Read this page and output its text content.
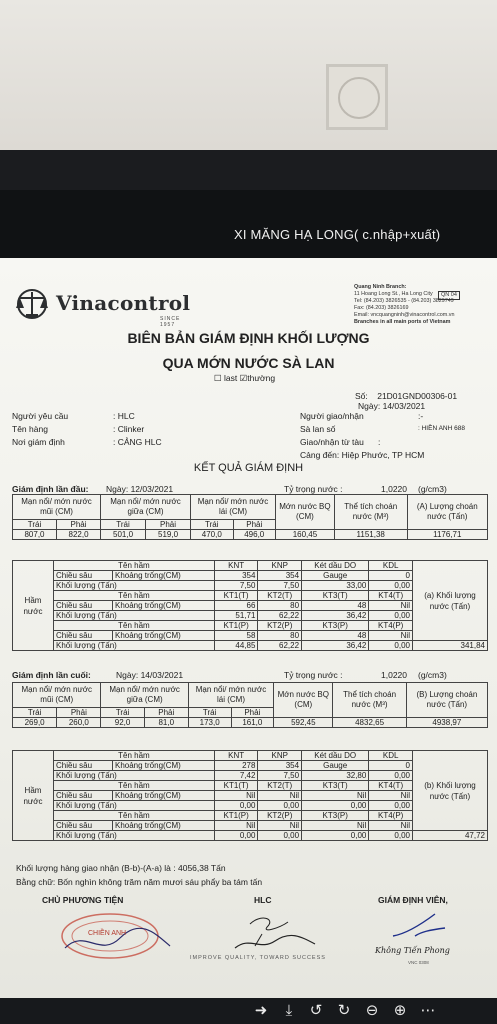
XI MĂNG HẠ LONG( c.nhập+xuất)
Vinacontrol
SINCE 1957
Quang Ninh Branch:
11 Hoang Long St., Ha Long City
Tel: (84.203) 3826535 - (84.203) 3829749
Fax: (84.203) 3826169
Email: vncquangninh@vinacontrol.com.vn
Branches in all main ports of Vietnam
QN 04
BIÊN BẢN GIÁM ĐỊNH KHỐI LƯỢNG
QUA MỚN NƯỚC SÀ LAN
☐ last ☑thường
Số: 21D01GND00306-01
Ngày: 14/03/2021
Người yêu cầu	: HLC
Tên hàng	: Clinker
Nơi giám định	: CẢNG HLC
Người giao/nhận	:-
Sà lan số	: HIỀN ANH 688
Giao/nhận từ tàu :
Cảng đến: Hiệp Phước, TP HCM
KẾT QUẢ GIÁM ĐỊNH
Giám định lần đầu: Ngày: 12/03/2021	Tỷ trọng nước :	1,0220 (g/cm3)
Mạn nổi/ mớn nước mũi (CM)		Mạn nổi/ mớn nước giữa (CM)		Mạn nổi/ mớn nước lái (CM)		Mớn nước BQ (CM)	Thể tích choán nước (M³)	(A) Lượng choán nước (Tấn)
Trái	Phải	Trái	Phải	Trái	Phải			
807,0	822,0	501,0	519,0	470,0	496,0	160,45	1151,38	1176,71
Hầm nước	Tên hầm		KNT	KNP	Két dầu DO	KDL	(a) Khối lượng nước (Tấn)
	Chiều sâu	Khoảng trống(CM)	354	354	Gauge	0	
	Khối lượng (Tấn)		7,50	7,50	33,00	0,00	
	Tên hầm		KT1(T)	KT2(T)	KT3(T)	KT4(T)	
	Chiều sâu	Khoảng trống(CM)	66	80	48	Nil	
	Khối lượng (Tấn)		51,71	62,22	36,42	0,00	
	Tên hầm		KT1(P)	KT2(P)	KT3(P)	KT4(P)	
	Chiều sâu	Khoảng trống(CM)	58	80	48	Nil	
	Khối lượng (Tấn)		44,85	62,22	36,42	0,00	341,84
Giám định lần cuối:	Ngày: 14/03/2021	Tỷ trọng nước :	1,0220 (g/cm3)
Mạn nổi/ mớn nước mũi (CM)		Mạn nổi/ mớn nước giữa (CM)		Mạn nổi/ mớn nước lái (CM)		Mớn nước BQ (CM)	Thể tích choán nước (M³)	(B) Lượng choán nước (Tấn)
Trái	Phải	Trái	Phải	Trái	Phải			
269,0	260,0	92,0	81,0	173,0	161,0	592,45	4832,65	4938,97
Hầm nước	Tên hầm		KNT	KNP	Két dầu DO	KDL	(b) Khối lượng nước (Tấn)
	Chiều sâu	Khoảng trống(CM)	278	354	Gauge	0	
	Khối lượng (Tấn)		7,42	7,50	32,80	0,00	
	Tên hầm		KT1(T)	KT2(T)	KT3(T)	KT4(T)	
	Chiều sâu	Khoảng trống(CM)	Nil	Nil	Nil	Nil	
	Khối lượng (Tấn)		0,00	0,00	0,00	0,00	
	Tên hầm		KT1(P)	KT2(P)	KT3(P)	KT4(P)	
	Chiều sâu	Khoảng trống(CM)	Nil	Nil	Nil	Nil	
	Khối lượng (Tấn)		0,00	0,00	0,00	0,00	47,72
Khối lượng hàng giao nhận (B-b)-(A-a) là : 4056,38 Tấn
Bằng chữ: Bốn nghìn không trăm năm mươi sáu phẩy ba tám tấn
CHỦ PHƯƠNG TIỆN	HLC	GIÁM ĐỊNH VIÊN,
CHIỀN ANH
Không Tiến Phong
IMPROVE QUALITY, TOWARD SUCCESS
VNC 0308
➜	⤓	↺ ↻ ⊖ ⊕ ⋯
